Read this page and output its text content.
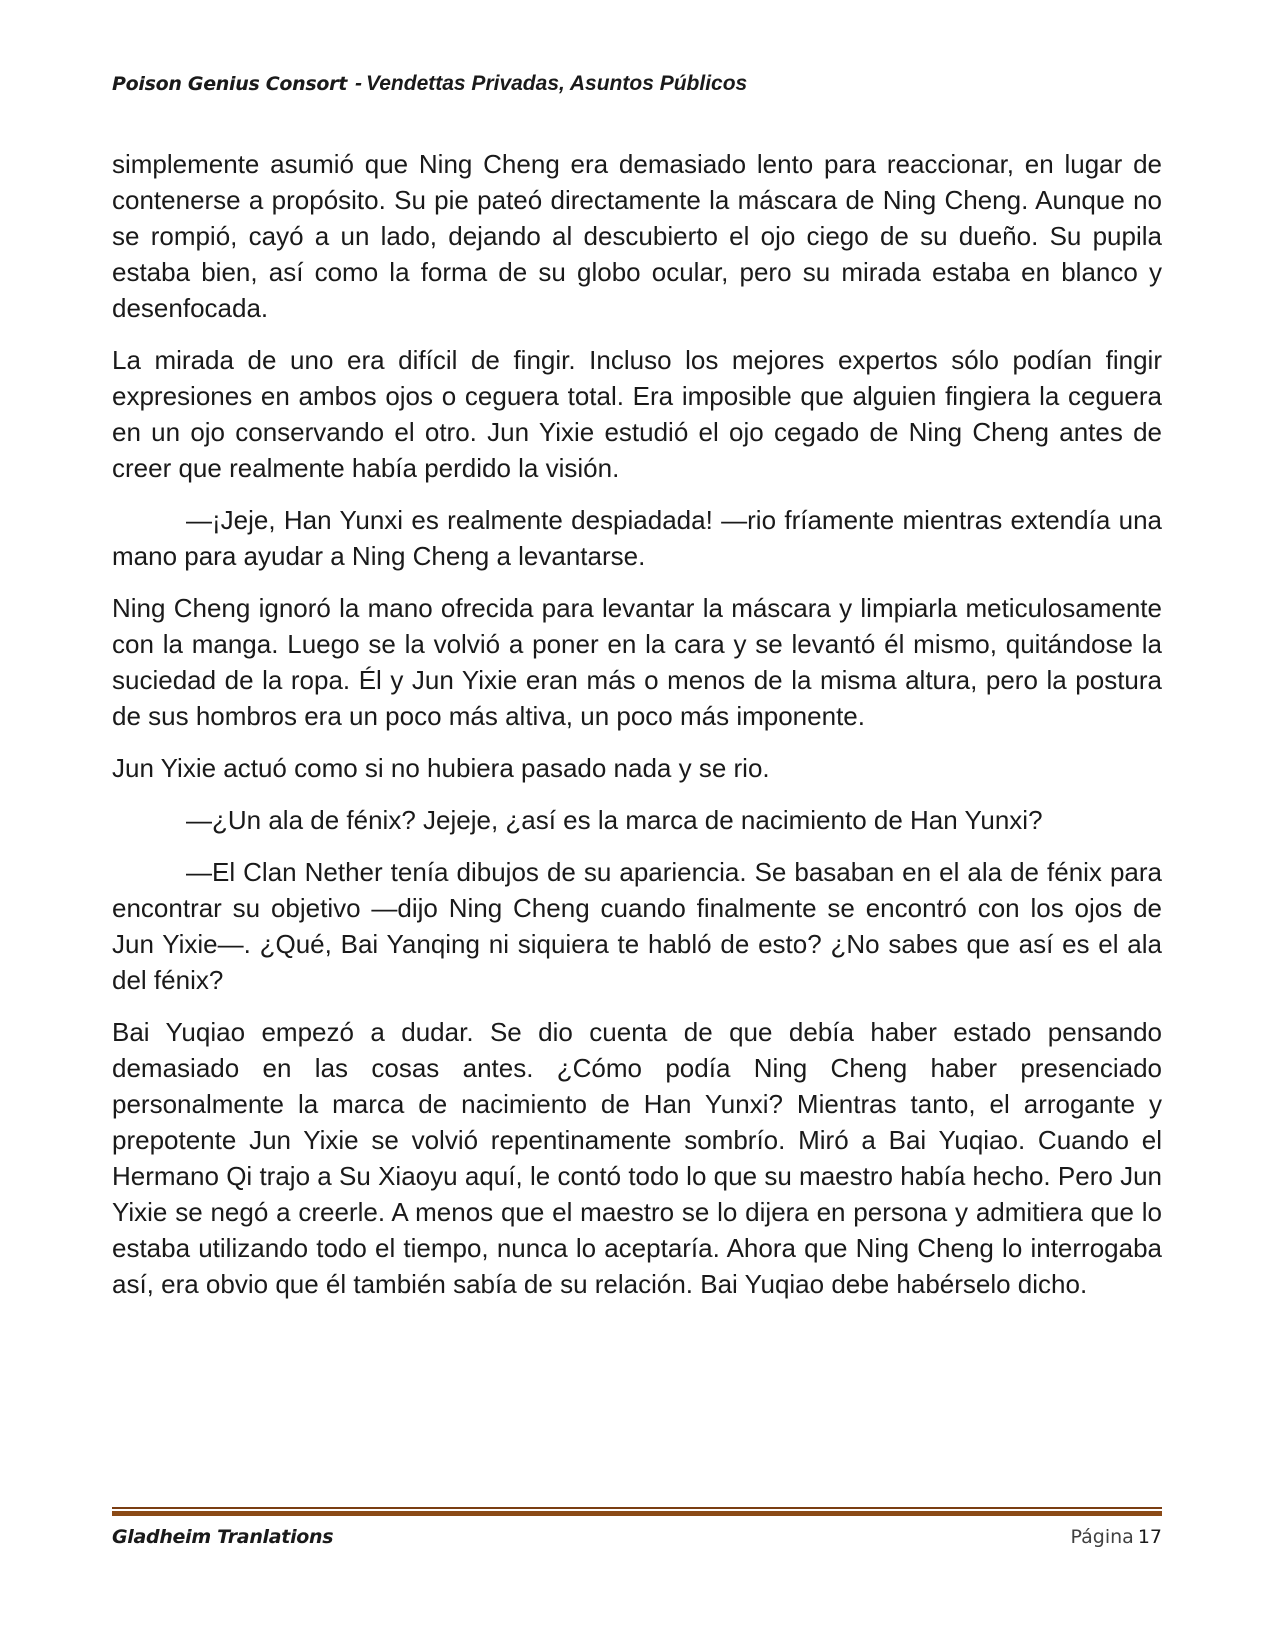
Poison Genius Consort - Vendettas Privadas, Asuntos Públicos

simplemente asumió que Ning Cheng era demasiado lento para reaccionar, en lugar de contenerse a propósito. Su pie pateó directamente la máscara de Ning Cheng. Aunque no se rompió, cayó a un lado, dejando al descubierto el ojo ciego de su dueño. Su pupila estaba bien, así como la forma de su globo ocular, pero su mirada estaba en blanco y desenfocada.

La mirada de uno era difícil de fingir. Incluso los mejores expertos sólo podían fingir expresiones en ambos ojos o ceguera total. Era imposible que alguien fingiera la ceguera en un ojo conservando el otro. Jun Yixie estudió el ojo cegado de Ning Cheng antes de creer que realmente había perdido la visión.

—¡Jeje, Han Yunxi es realmente despiadada! —rio fríamente mientras extendía una mano para ayudar a Ning Cheng a levantarse.

Ning Cheng ignoró la mano ofrecida para levantar la máscara y limpiarla meticulosamente con la manga. Luego se la volvió a poner en la cara y se levantó él mismo, quitándose la suciedad de la ropa. Él y Jun Yixie eran más o menos de la misma altura, pero la postura de sus hombros era un poco más altiva, un poco más imponente.

Jun Yixie actuó como si no hubiera pasado nada y se rio.

—¿Un ala de fénix? Jejeje, ¿así es la marca de nacimiento de Han Yunxi?

—El Clan Nether tenía dibujos de su apariencia. Se basaban en el ala de fénix para encontrar su objetivo —dijo Ning Cheng cuando finalmente se encontró con los ojos de Jun Yixie—. ¿Qué, Bai Yanqing ni siquiera te habló de esto? ¿No sabes que así es el ala del fénix?

Bai Yuqiao empezó a dudar. Se dio cuenta de que debía haber estado pensando demasiado en las cosas antes. ¿Cómo podía Ning Cheng haber presenciado personalmente la marca de nacimiento de Han Yunxi? Mientras tanto, el arrogante y prepotente Jun Yixie se volvió repentinamente sombrío. Miró a Bai Yuqiao. Cuando el Hermano Qi trajo a Su Xiaoyu aquí, le contó todo lo que su maestro había hecho. Pero Jun Yixie se negó a creerle. A menos que el maestro se lo dijera en persona y admitiera que lo estaba utilizando todo el tiempo, nunca lo aceptaría. Ahora que Ning Cheng lo interrogaba así, era obvio que él también sabía de su relación. Bai Yuqiao debe habérselo dicho.

Gladheim Tranlations	Página 17
